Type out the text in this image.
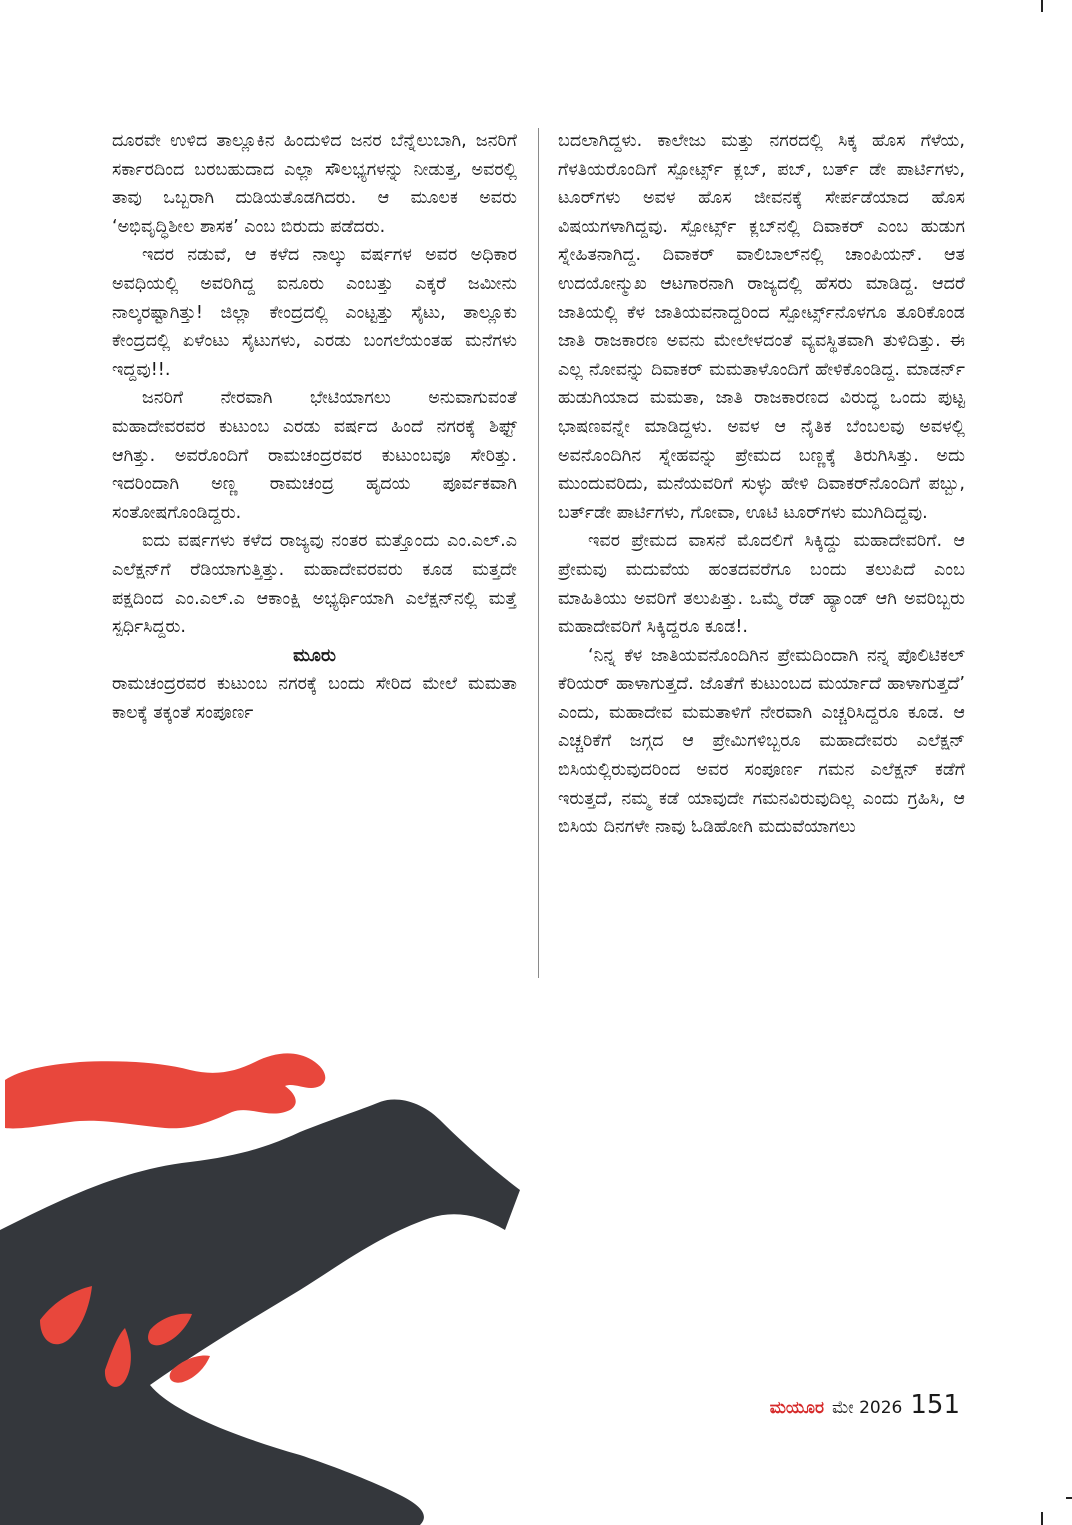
ದೂರವೇ ಉಳಿದ ತಾಲ್ಲೂಕಿನ ಹಿಂದುಳಿದ ಜನರ ಬೆನ್ನೆಲುಬಾಗಿ, ಜನರಿಗೆ ಸರ್ಕಾರದಿಂದ ಬರಬಹುದಾದ ಎಲ್ಲಾ ಸೌಲಭ್ಯಗಳನ್ನು ನೀಡುತ್ತ, ಅವರಲ್ಲಿ ತಾವು ಒಬ್ಬರಾಗಿ ದುಡಿಯತೊಡಗಿದರು. ಆ ಮೂಲಕ ಅವರು ‘ಅಭಿವೃದ್ಧಿಶೀಲ ಶಾಸಕ’ ಎಂಬ ಬಿರುದು ಪಡೆದರು.

ಇದರ ನಡುವೆ, ಆ ಕಳೆದ ನಾಲ್ಕು ವರ್ಷಗಳ ಅವರ ಅಧಿಕಾರ ಅವಧಿಯಲ್ಲಿ ಅವರಿಗಿದ್ದ ಐನೂರು ಎಂಬತ್ತು ಎಕ್ಕರೆ ಜಮೀನು ನಾಲ್ಕರಷ್ಟಾಗಿತ್ತು! ಜಿಲ್ಲಾ ಕೇಂದ್ರದಲ್ಲಿ ಎಂಟ್ಟತ್ತು ಸೈಟು, ತಾಲ್ಲೂಕು ಕೇಂದ್ರದಲ್ಲಿ ಏಳೆಂಟು ಸೈಟುಗಳು, ಎರಡು ಬಂಗಲೆಯಂತಹ ಮನೆಗಳು ಇದ್ದವು!!.

ಜನರಿಗೆ ನೇರವಾಗಿ ಭೇಟಿಯಾಗಲು ಅನುವಾಗುವಂತೆ ಮಹಾದೇವರವರ ಕುಟುಂಬ ಎರಡು ವರ್ಷದ ಹಿಂದೆ ನಗರಕ್ಕೆ ಶಿಫ್ಟ್ ಆಗಿತ್ತು. ಅವರೊಂದಿಗೆ ರಾಮಚಂದ್ರರವರ ಕುಟುಂಬವೂ ಸೇರಿತ್ತು. ಇದರಿಂದಾಗಿ ಅಣ್ಣ ರಾಮಚಂದ್ರ ಹೃದಯ ಪೂರ್ವಕವಾಗಿ ಸಂತೋಷಗೊಂಡಿದ್ದರು.

ಐದು ವರ್ಷಗಳು ಕಳೆದ ರಾಜ್ಯವು ನಂತರ ಮತ್ತೊಂದು ಎಂ.ಎಲ್.ಎ ಎಲೆಕ್ಷನ್‌ಗೆ ರೆಡಿಯಾಗುತ್ತಿತ್ತು. ಮಹಾದೇವರವರು ಕೂಡ ಮತ್ತದೇ ಪಕ್ಷದಿಂದ ಎಂ.ಎಲ್.ಎ ಆಕಾಂಕ್ಷಿ ಅಭ್ಯರ್ಥಿಯಾಗಿ ಎಲೆಕ್ಷನ್‌ನಲ್ಲಿ ಮತ್ತೆ ಸ್ಪರ್ಧಿಸಿದ್ದರು.

ಮೂರು

ರಾಮಚಂದ್ರರವರ ಕುಟುಂಬ ನಗರಕ್ಕೆ ಬಂದು ಸೇರಿದ ಮೇಲೆ ಮಮತಾ ಕಾಲಕ್ಕೆ ತಕ್ಕಂತೆ ಸಂಪೂರ್ಣ

ಬದಲಾಗಿದ್ದಳು. ಕಾಲೇಜು ಮತ್ತು ನಗರದಲ್ಲಿ ಸಿಕ್ಕ ಹೊಸ ಗೆಳೆಯ, ಗೆಳತಿಯರೊಂದಿಗೆ ಸ್ಪೋರ್ಟ್ಸ್ ಕ್ಲಬ್, ಪಬ್, ಬರ್ತ್ ಡೇ ಪಾರ್ಟಿಗಳು, ಟೂರ್‌ಗಳು ಅವಳ ಹೊಸ ಜೀವನಕ್ಕೆ ಸೇರ್ಪಡೆಯಾದ ಹೊಸ ವಿಷಯಗಳಾಗಿದ್ದವು. ಸ್ಪೋರ್ಟ್ಸ್ ಕ್ಲಬ್‌ನಲ್ಲಿ ದಿವಾಕರ್ ಎಂಬ ಹುಡುಗ ಸ್ನೇಹಿತನಾಗಿದ್ದ. ದಿವಾಕರ್ ವಾಲಿಬಾಲ್‌ನಲ್ಲಿ ಚಾಂಪಿಯನ್. ಆತ ಉದಯೋನ್ಮುಖ ಆಟಗಾರನಾಗಿ ರಾಜ್ಯದಲ್ಲಿ ಹೆಸರು ಮಾಡಿದ್ದ. ಆದರೆ ಜಾತಿಯಲ್ಲಿ ಕೆಳ ಜಾತಿಯವನಾದ್ದರಿಂದ ಸ್ಪೋರ್ಟ್ಸ್‌ನೊಳಗೂ ತೂರಿಕೊಂಡ ಜಾತಿ ರಾಜಕಾರಣ ಅವನು ಮೇಲೇಳದಂತೆ ವ್ಯವಸ್ಥಿತವಾಗಿ ತುಳಿದಿತ್ತು. ಈ ಎಲ್ಲ ನೋವನ್ನು ದಿವಾಕರ್ ಮಮತಾಳೊಂದಿಗೆ ಹೇಳಿಕೊಂಡಿದ್ದ. ಮಾಡರ್ನ್ ಹುಡುಗಿಯಾದ ಮಮತಾ, ಜಾತಿ ರಾಜಕಾರಣದ ವಿರುದ್ಧ ಒಂದು ಪುಟ್ಟ ಭಾಷಣವನ್ನೇ ಮಾಡಿದ್ದಳು. ಅವಳ ಆ ನೈತಿಕ ಬೆಂಬಲವು ಅವಳಲ್ಲಿ ಅವನೊಂದಿಗಿನ ಸ್ನೇಹವನ್ನು ಪ್ರೇಮದ ಬಣ್ಣಕ್ಕೆ ತಿರುಗಿಸಿತ್ತು. ಅದು ಮುಂದುವರಿದು, ಮನೆಯವರಿಗೆ ಸುಳ್ಳು ಹೇಳಿ ದಿವಾಕರ್‌ನೊಂದಿಗೆ ಪಬ್ಬು, ಬರ್ತ್‌ಡೇ ಪಾರ್ಟಿಗಳು, ಗೋವಾ, ಊಟಿ ಟೂರ್‌ಗಳು ಮುಗಿದಿದ್ದವು.

ಇವರ ಪ್ರೇಮದ ವಾಸನೆ ಮೊದಲಿಗೆ ಸಿಕ್ಕಿದ್ದು ಮಹಾದೇವರಿಗೆ. ಆ ಪ್ರೇಮವು ಮದುವೆಯ ಹಂತದವರೆಗೂ ಬಂದು ತಲುಪಿದೆ ಎಂಬ ಮಾಹಿತಿಯು ಅವರಿಗೆ ತಲುಪಿತ್ತು. ಒಮ್ಮೆ ರೆಡ್ ಹ್ಯಾಂಡ್ ಆಗಿ ಅವರಿಬ್ಬರು ಮಹಾದೇವರಿಗೆ ಸಿಕ್ಕಿದ್ದರೂ ಕೂಡ!.

‘ನಿನ್ನ ಕೆಳ ಜಾತಿಯವನೊಂದಿಗಿನ ಪ್ರೇಮದಿಂದಾಗಿ ನನ್ನ ಪೊಲಿಟಿಕಲ್ ಕೆರಿಯರ್ ಹಾಳಾಗುತ್ತದೆ. ಜೊತೆಗೆ ಕುಟುಂಬದ ಮರ್ಯಾದೆ ಹಾಳಾಗುತ್ತದೆ’ ಎಂದು, ಮಹಾದೇವ ಮಮತಾಳಿಗೆ ನೇರವಾಗಿ ಎಚ್ಚರಿಸಿದ್ದರೂ ಕೂಡ. ಆ ಎಚ್ಚರಿಕೆಗೆ ಜಗ್ಗದ ಆ ಪ್ರೇಮಿಗಳಿಬ್ಬರೂ ಮಹಾದೇವರು ಎಲೆಕ್ಷನ್ ಬಿಸಿಯಲ್ಲಿರುವುದರಿಂದ ಅವರ ಸಂಪೂರ್ಣ ಗಮನ ಎಲೆಕ್ಷನ್ ಕಡೆಗೆ ಇರುತ್ತದೆ, ನಮ್ಮ ಕಡೆ ಯಾವುದೇ ಗಮನವಿರುವುದಿಲ್ಲ ಎಂದು ಗ್ರಹಿಸಿ, ಆ ಬಿಸಿಯ ದಿನಗಳೇ ನಾವು ಓಡಿಹೋಗಿ ಮದುವೆಯಾಗಲು

ಮಯೂರ ಮೇ 2026 151
